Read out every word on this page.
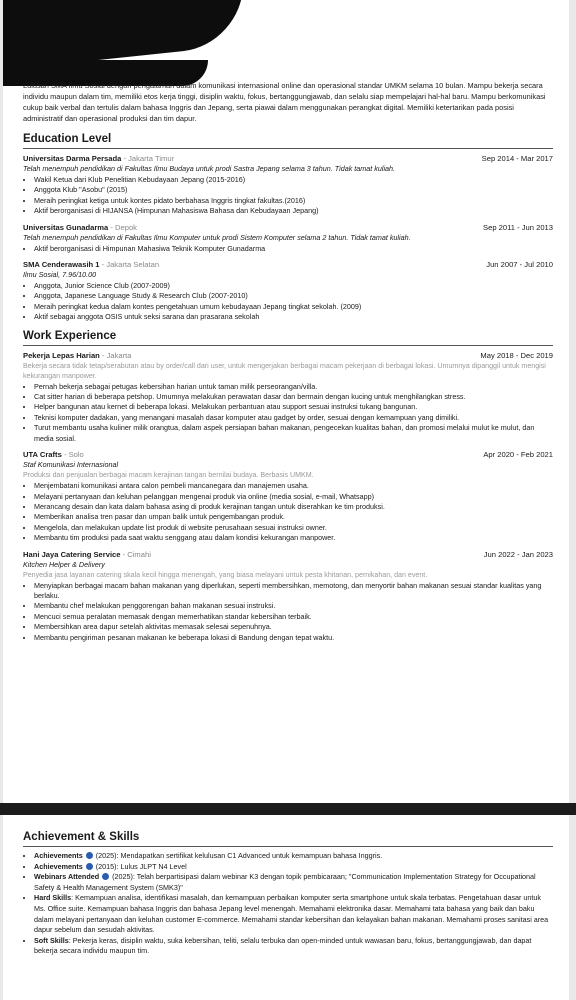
Lulusan SMA Ilmu Sosial dengan pengalaman dalam komunikasi internasional online dan operasional standar UMKM selama 10 bulan. Mampu bekerja secara individu maupun dalam tim, memiliki etos kerja tinggi, disiplin waktu, fokus, bertanggungjawab, dan selalu siap mempelajari hal-hal baru. Mampu berkomunikasi cukup baik verbal dan tertulis dalam bahasa Inggris dan Jepang, serta piawai dalam menggunakan perangkat digital. Memiliki ketertarikan pada posisi administratif dan operasional produksi dan tim dapur.
Education Level
Universitas Darma Persada - Jakarta Timur	Sep 2014 - Mar 2017
Telah menempuh pendidikan di Fakultas Ilmu Budaya untuk prodi Sastra Jepang selama 3 tahun. Tidak tamat kuliah.
• Wakil Ketua dari Klub Penelitian Kebudayaan Jepang (2015-2016)
• Anggota Klub "Asobu" (2015)
• Meraih peringkat ketiga untuk kontes pidato berbahasa Inggris tingkat fakultas.(2016)
• Aktif berorganisasi di HIJANSA (Himpunan Mahasiswa Bahasa dan Kebudayaan Jepang)
Universitas Gunadarma - Depok	Sep 2011 - Jun 2013
Telah menempuh pendidikan di Fakultas Ilmu Komputer untuk prodi Sistem Komputer selama 2 tahun. Tidak tamat kuliah.
• Aktif berorganisasi di Himpunan Mahasiwa Teknik Komputer Gunadarma
SMA Cenderawasih 1 - Jakarta Selatan	Jun 2007 - Jul 2010
Ilmu Sosial, 7.96/10.00
• Anggota, Junior Science Club (2007-2009)
• Anggota, Japanese Language Study & Research Club (2007-2010)
• Meraih peringkat kedua dalam kontes pengetahuan umum kebudayaan Jepang tingkat sekolah. (2009)
• Aktif sebagai anggota OSIS untuk seksi sarana dan prasarana sekolah
Work Experience
Pekerja Lepas Harian - Jakarta	May 2018 - Dec 2019
Bekerja secara tidak tetap/serabutan atau by order/call dari user, untuk mengerjakan berbagai macam pekerjaan di berbagai lokasi. Umumnya dipanggil untuk mengisi kekurangan manpower.
• Pernah bekerja sebagai petugas kebersihan harian untuk taman milik perseorangan/villa.
• Cat sitter harian di beberapa petshop. Umumnya melakukan perawatan dasar dan bermain dengan kucing untuk menghilangkan stress.
• Helper bangunan atau kernet di beberapa lokasi. Melakukan perbantuan atau support sesuai instruksi tukang bangunan.
• Teknisi komputer dadakan, yang menangani masalah dasar komputer atau gadget by order, sesuai dengan kemampuan yang dimiliki.
• Turut membantu usaha kuliner milik orangtua, dalam aspek persiapan bahan makanan, pengecekan kualitas bahan, dan promosi melalui mulut ke mulut, dan media sosial.
UTA Crafts - Solo	Apr 2020 - Feb 2021
Staf Komunikasi Internasional
Produksi dan penjualan berbagai macam kerajinan tangan bernilai budaya. Berbasis UMKM.
• Menjembatani komunikasi antara calon pembeli mancanegara dan manajemen usaha.
• Melayani pertanyaan dan keluhan pelanggan mengenai produk via online (media sosial, e-mail, Whatsapp)
• Merancang desain dan kata dalam bahasa asing di produk kerajinan tangan untuk diserahkan ke tim produksi.
• Memberikan analisa tren pasar dan umpan balik untuk pengembangan produk.
• Mengelola, dan melakukan update list produk di website perusahaan sesuai instruksi owner.
• Membantu tim produksi pada saat waktu senggang atau dalam kondisi kekurangan manpower.
Hani Jaya Catering Service - Cimahi	Jun 2022 - Jan 2023
Kitchen Helper & Delivery
Penyedia jasa layanan catering skala kecil hingga menengah, yang biasa melayani untuk pesta khitanan, pernikahan, dan event.
• Menyiapkan berbagai macam bahan makanan yang diperlukan, seperti membersihkan, memotong, dan menyortir bahan makanan sesuai standar kualitas yang berlaku.
• Membantu chef melakukan penggorengan bahan makanan sesuai instruksi.
• Mencuci semua peralatan memasak dengan memerhatikan standar kebersihan terbaik.
• Membersihkan area dapur setelah aktivitas memasak selesai sepenuhnya.
• Membantu pengiriman pesanan makanan ke beberapa lokasi di Bandung dengan tepat waktu.
Achievement & Skills
• Achievements  (2025): Mendapatkan sertifikat kelulusan C1 Advanced untuk kemampuan bahasa Inggris.
• Achievements  (2015): Lulus JLPT N4 Level
• Webinars Attended  (2025): Telah berpartisipasi dalam webinar K3 dengan topik pembicaraan; "Communication Implementation Strategy for Occupational Safety & Health Management System (SMK3)"
• Hard Skills: Kemampuan analisa, identifikasi masalah, dan kemampuan perbaikan komputer serta smartphone untuk skala terbatas. Pengetahuan dasar untuk Ms. Office suite. Kemampuan bahasa Inggris dan bahasa Jepang level menengah. Memahami elektronika dasar. Memahami tata bahasa yang baik dan baku dalam melayani pertanyaan dan keluhan customer E-commerce. Memahami standar kebersihan dan kelayakan bahan makanan. Memahami proses sanitasi area dapur sebelum dan sesudah aktivitas.
• Soft Skills: Pekerja keras, disiplin waktu, suka kebersihan, teliti, selalu terbuka dan open-minded untuk wawasan baru, fokus, bertanggungjawab, dan dapat bekerja secara individu maupun tim.
